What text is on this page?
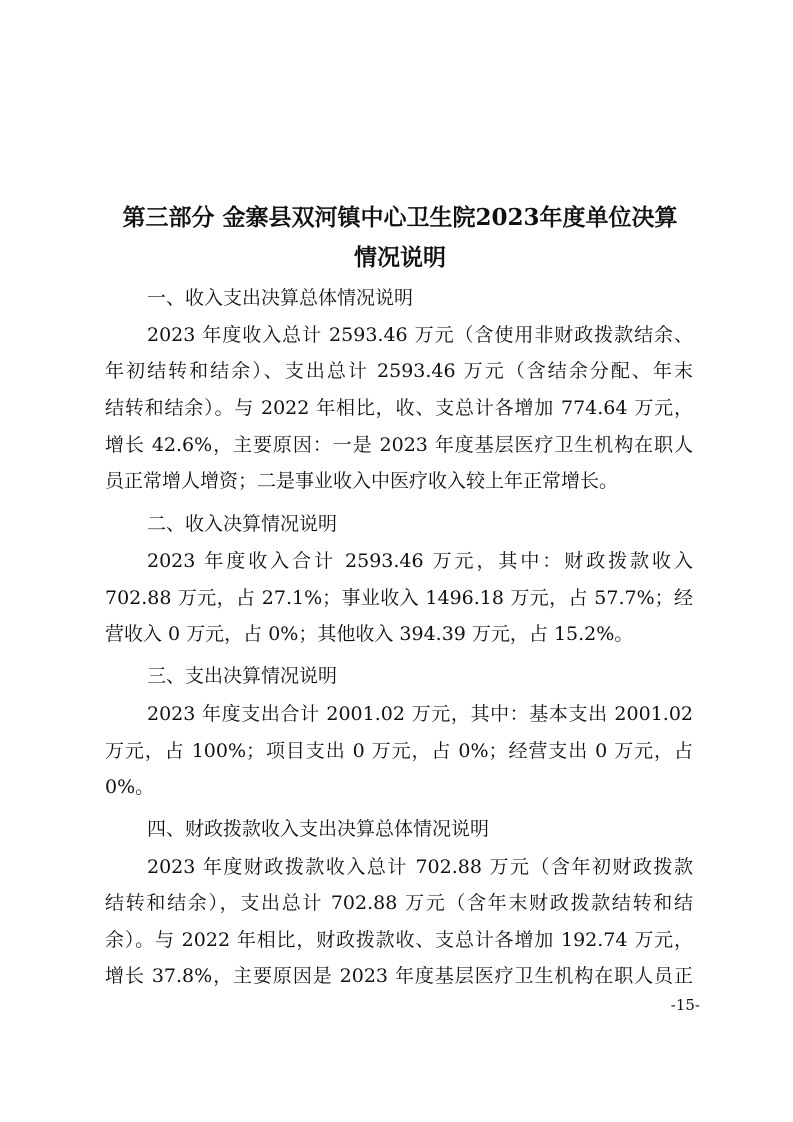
第三部分 金寨县双河镇中心卫生院2023年度单位决算
情况说明
一、收入支出决算总体情况说明

2023 年度收入总计 2593.46 万元（含使用非财政拨款结余、

年初结转和结余）、支出总计 2593.46 万元（含结余分配、年末

结转和结余）。与 2022 年相比，收、支总计各增加 774.64 万元，

增长 42.6%，主要原因：一是 2023 年度基层医疗卫生机构在职人

员正常增人增资；二是事业收入中医疗收入较上年正常增长。

二、收入决算情况说明

2023 年度收入合计 2593.46 万元，其中：财政拨款收入

702.88 万元，占 27.1%；事业收入 1496.18 万元，占 57.7%；经

营收入 0 万元，占 0%；其他收入 394.39 万元，占 15.2%。

三、支出决算情况说明

2023 年度支出合计 2001.02 万元，其中：基本支出 2001.02

万元，占 100%；项目支出 0 万元，占 0%；经营支出 0 万元，占

0%。

四、财政拨款收入支出决算总体情况说明

2023 年度财政拨款收入总计 702.88 万元（含年初财政拨款

结转和结余），支出总计 702.88 万元（含年末财政拨款结转和结

余）。与 2022 年相比，财政拨款收、支总计各增加 192.74 万元，

增长 37.8%，主要原因是 2023 年度基层医疗卫生机构在职人员正

-15-
